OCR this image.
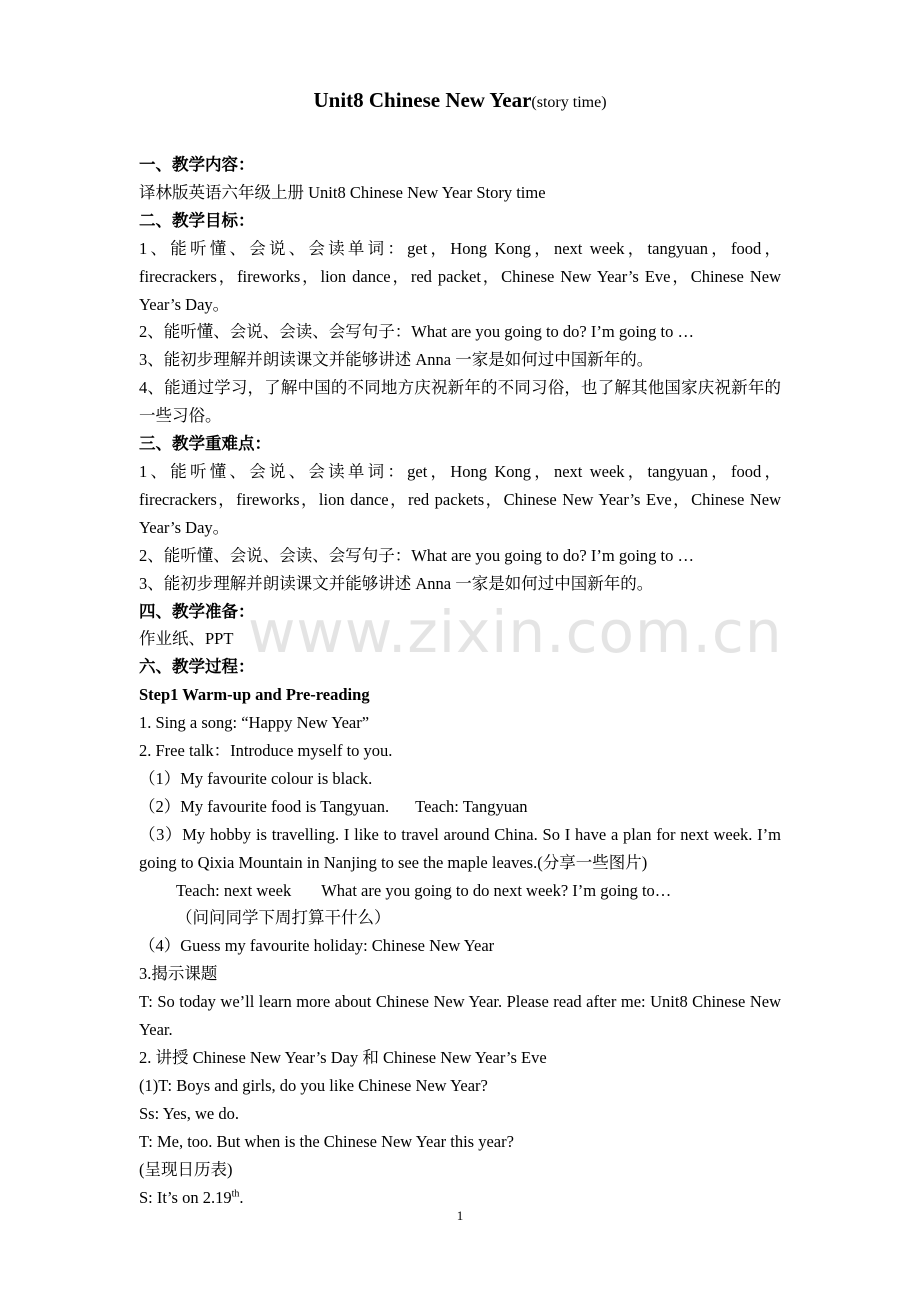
Unit8 Chinese New Year(story time)

一、教学内容：

译林版英语六年级上册 Unit8 Chinese New Year Story time

二、教学目标：

1、能听懂、会说、会读单词：get，Hong Kong，next week，tangyuan，food，firecrackers，fireworks，lion dance，red packet，Chinese New Year’s Eve，Chinese New Year’s Day。

2、能听懂、会说、会读、会写句子：What are you going to do? I’m going to …

3、能初步理解并朗读课文并能够讲述 Anna 一家是如何过中国新年的。

4、能通过学习，了解中国的不同地方庆祝新年的不同习俗，也了解其他国家庆祝新年的一些习俗。

三、教学重难点：

1、能听懂、会说、会读单词：get，Hong Kong，next week，tangyuan，food，firecrackers，fireworks，lion dance，red packets，Chinese New Year’s Eve，Chinese New Year’s Day。

2、能听懂、会说、会读、会写句子：What are you going to do? I’m going to …

3、能初步理解并朗读课文并能够讲述 Anna 一家是如何过中国新年的。

四、教学准备：

作业纸、PPT

六、教学过程：

Step1 Warm-up and Pre-reading

1. Sing a song: “Happy New Year”

2. Free talk：Introduce myself to you.

（1）My favourite colour is black.

（2）My favourite food is Tangyuan. Teach: Tangyuan

（3）My hobby is travelling. I like to travel around China. So I have a plan for next week. I’m going to Qixia Mountain in Nanjing to see the maple leaves.(分享一些图片)

Teach: next week What are you going to do next week? I’m going to…

（问问同学下周打算干什么）

（4）Guess my favourite holiday: Chinese New Year

3.揭示课题

T: So today we’ll learn more about Chinese New Year. Please read after me: Unit8 Chinese New Year.

2. 讲授 Chinese New Year’s Day 和 Chinese New Year’s Eve

(1)T: Boys and girls, do you like Chinese New Year?

Ss: Yes, we do.

T: Me, too. But when is the Chinese New Year this year?

(呈现日历表)

S: It’s on 2.19th.

www.zixin.com.cn
1
